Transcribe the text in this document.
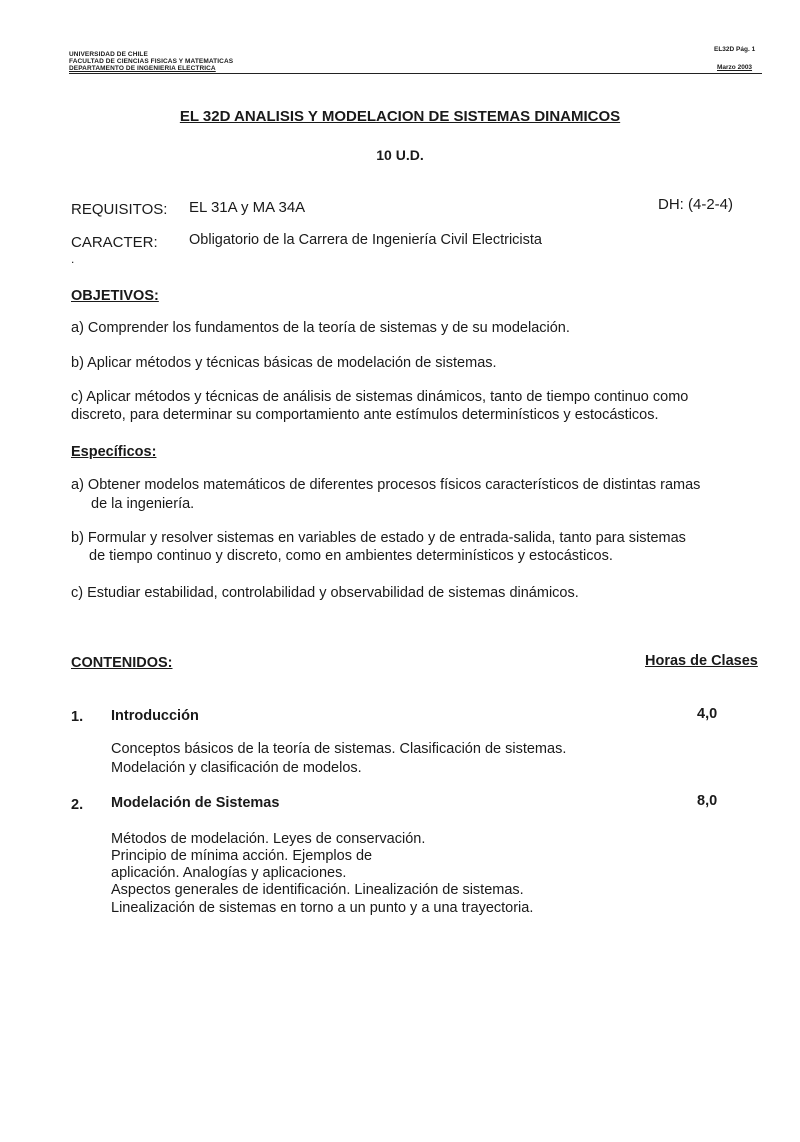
UNIVERSIDAD DE CHILE
FACULTAD DE CIENCIAS FISICAS Y MATEMATICAS
DEPARTAMENTO DE INGENIERIA ELECTRICA
EL32D Pág. 1
Marzo 2003
EL 32D ANALISIS Y MODELACION DE SISTEMAS DINAMICOS
10 U.D.
REQUISITOS: EL 31A y MA 34A	DH: (4-2-4)
CARACTER: Obligatorio de la Carrera de Ingeniería Civil Electricista
.
OBJETIVOS:
a) Comprender los fundamentos de la teoría de sistemas y de su modelación.
b) Aplicar métodos y técnicas básicas de modelación de sistemas.
c) Aplicar métodos y técnicas de análisis de sistemas dinámicos, tanto de tiempo continuo como
discreto, para determinar su comportamiento ante estímulos determinísticos y estocásticos.
Específicos:
a) Obtener modelos matemáticos de diferentes procesos físicos característicos de distintas ramas
de la ingeniería.
b) Formular y resolver sistemas en variables de estado y de entrada-salida, tanto para sistemas
de tiempo continuo y discreto, como en ambientes determinísticos y estocásticos.
c) Estudiar estabilidad, controlabilidad y observabilidad de sistemas dinámicos.
CONTENIDOS:	Horas de Clases
1. Introducción	4,0
Conceptos básicos de la teoría de sistemas. Clasificación de sistemas.
Modelación y clasificación de modelos.
2. Modelación de Sistemas	8,0
Métodos de modelación. Leyes de conservación.
Principio de mínima acción. Ejemplos de
aplicación. Analogías y aplicaciones.
Aspectos generales de identificación. Linealización de sistemas.
Linealización de sistemas en torno a un punto y a una trayectoria.
